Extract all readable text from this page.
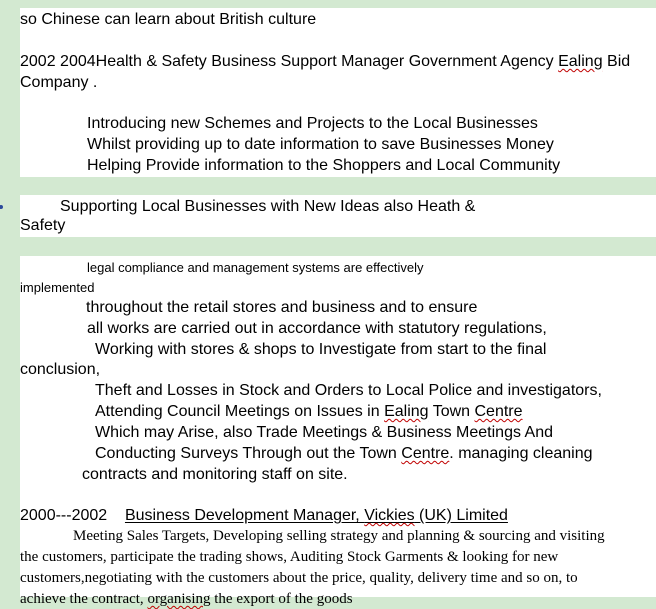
so Chinese can learn about British culture
2002 2004Health & Safety Business Support Manager Government Agency Ealing Bid
Company .
Introducing new Schemes and Projects to the Local Businesses
Whilst providing up to date information to save Businesses Money
Helping Provide information to the Shoppers and Local Community
Supporting Local Businesses with New Ideas also Heath &
Safety
legal compliance and management systems are effectively
implemented
throughout the retail stores and business and to ensure
all works are carried out in accordance with statutory regulations,
Working with stores & shops to Investigate from start to the final
conclusion,
Theft and Losses in Stock and Orders to Local Police and investigators,
Attending Council Meetings on Issues in Ealing Town Centre
Which may Arise, also Trade Meetings & Business Meetings And
Conducting Surveys Through out the Town Centre. managing cleaning
contracts and monitoring staff on site.
2000---2002    Business Development Manager, Vickies (UK) Limited
Meeting Sales Targets, Developing selling strategy and planning & sourcing and visiting
the customers, participate the trading shows, Auditing Stock Garments & looking for new
customers,negotiating with the customers about the price, quality, delivery time and so on, to
achieve the contract, organising the export of the goods
